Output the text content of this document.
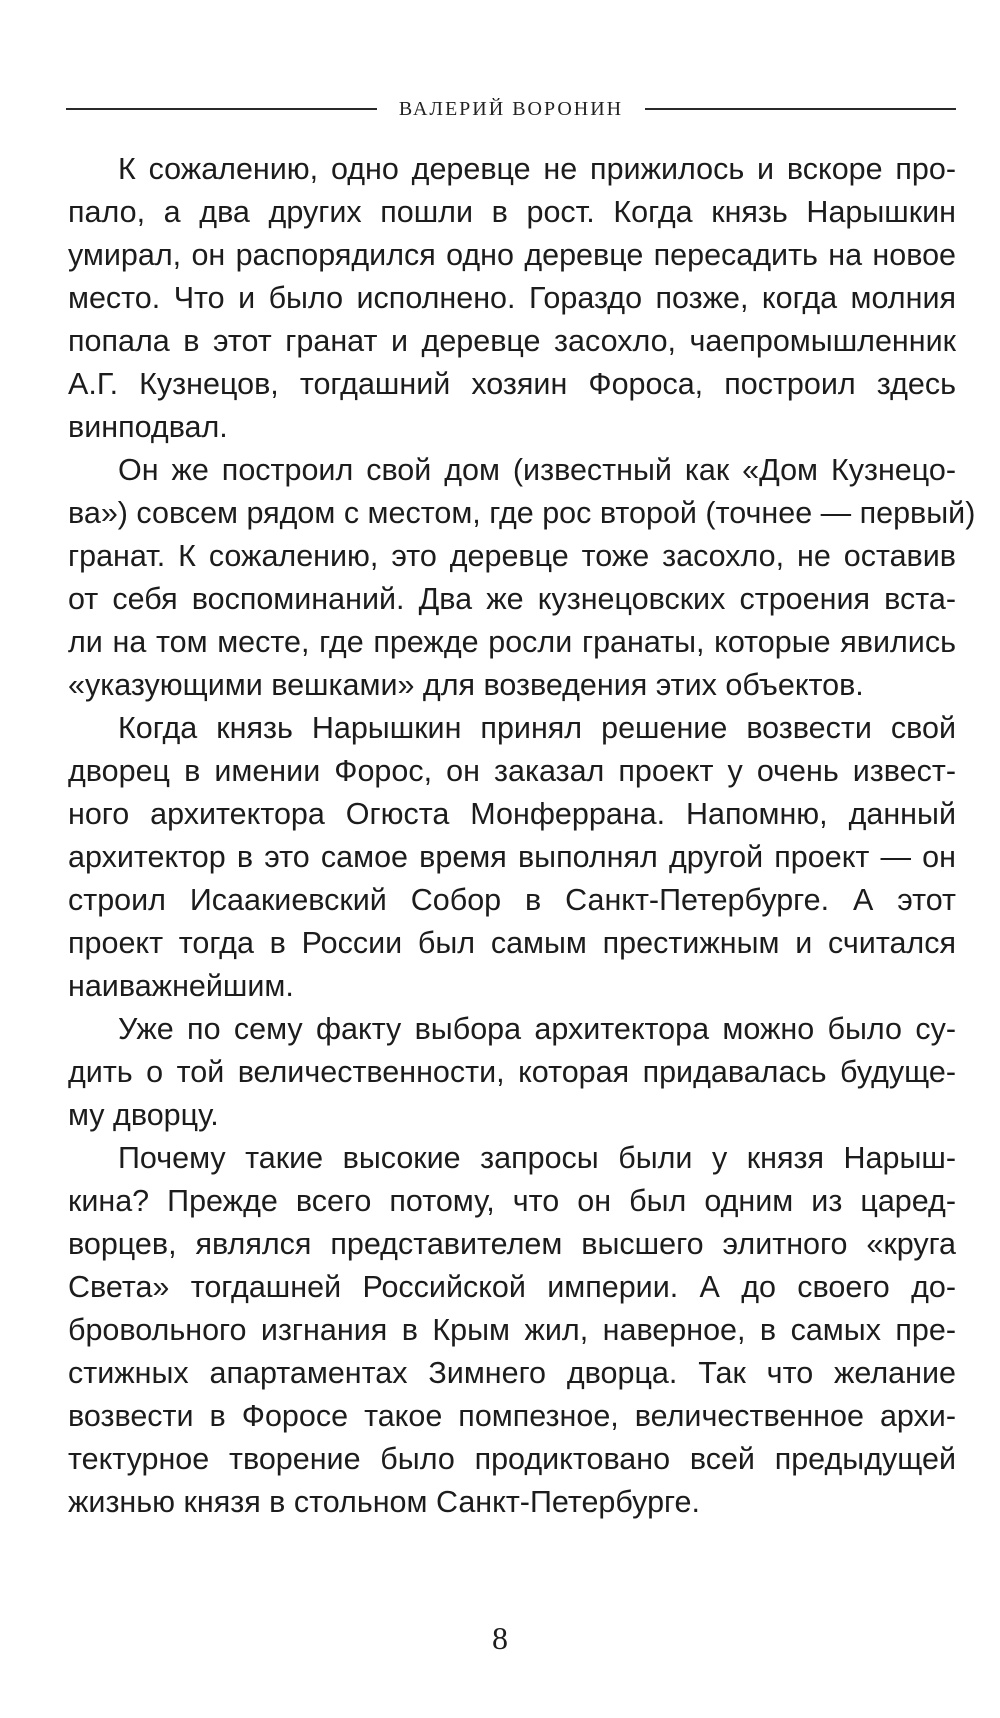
ВАЛЕРИЙ ВОРОНИН
К сожалению, одно деревце не прижилось и вскоре про-
пало, а два других пошли в рост. Когда князь Нарышкин
умирал, он распорядился одно деревце пересадить на новое
место. Что и было исполнено. Гораздо позже, когда молния
попала в этот гранат и деревце засохло, чаепромышленник
А.Г. Кузнецов, тогдашний хозяин Фороса, построил здесь
винподвал.
Он же построил свой дом (известный как «Дом Кузнецо-
ва») совсем рядом с местом, где рос второй (точнее — первый)
гранат. К сожалению, это деревце тоже засохло, не оставив
от себя воспоминаний. Два же кузнецовских строения вста-
ли на том месте, где прежде росли гранаты, которые явились
«указующими вешками» для возведения этих объектов.
Когда князь Нарышкин принял решение возвести свой
дворец в имении Форос, он заказал проект у очень извест-
ного архитектора Огюста Монферрана. Напомню, данный
архитектор в это самое время выполнял другой проект — он
строил Исаакиевский Собор в Санкт-Петербурге. А этот
проект тогда в России был самым престижным и считался
наиважнейшим.
Уже по сему факту выбора архитектора можно было су-
дить о той величественности, которая придавалась будуще-
му дворцу.
Почему такие высокие запросы были у князя Нарыш-
кина? Прежде всего потому, что он был одним из царед-
ворцев, являлся представителем высшего элитного «круга
Света» тогдашней Российской империи. А до своего до-
бровольного изгнания в Крым жил, наверное, в самых пре-
стижных апартаментах Зимнего дворца. Так что желание
возвести в Форосе такое помпезное, величественное архи-
тектурное творение было продиктовано всей предыдущей
жизнью князя в стольном Санкт-Петербурге.
8
